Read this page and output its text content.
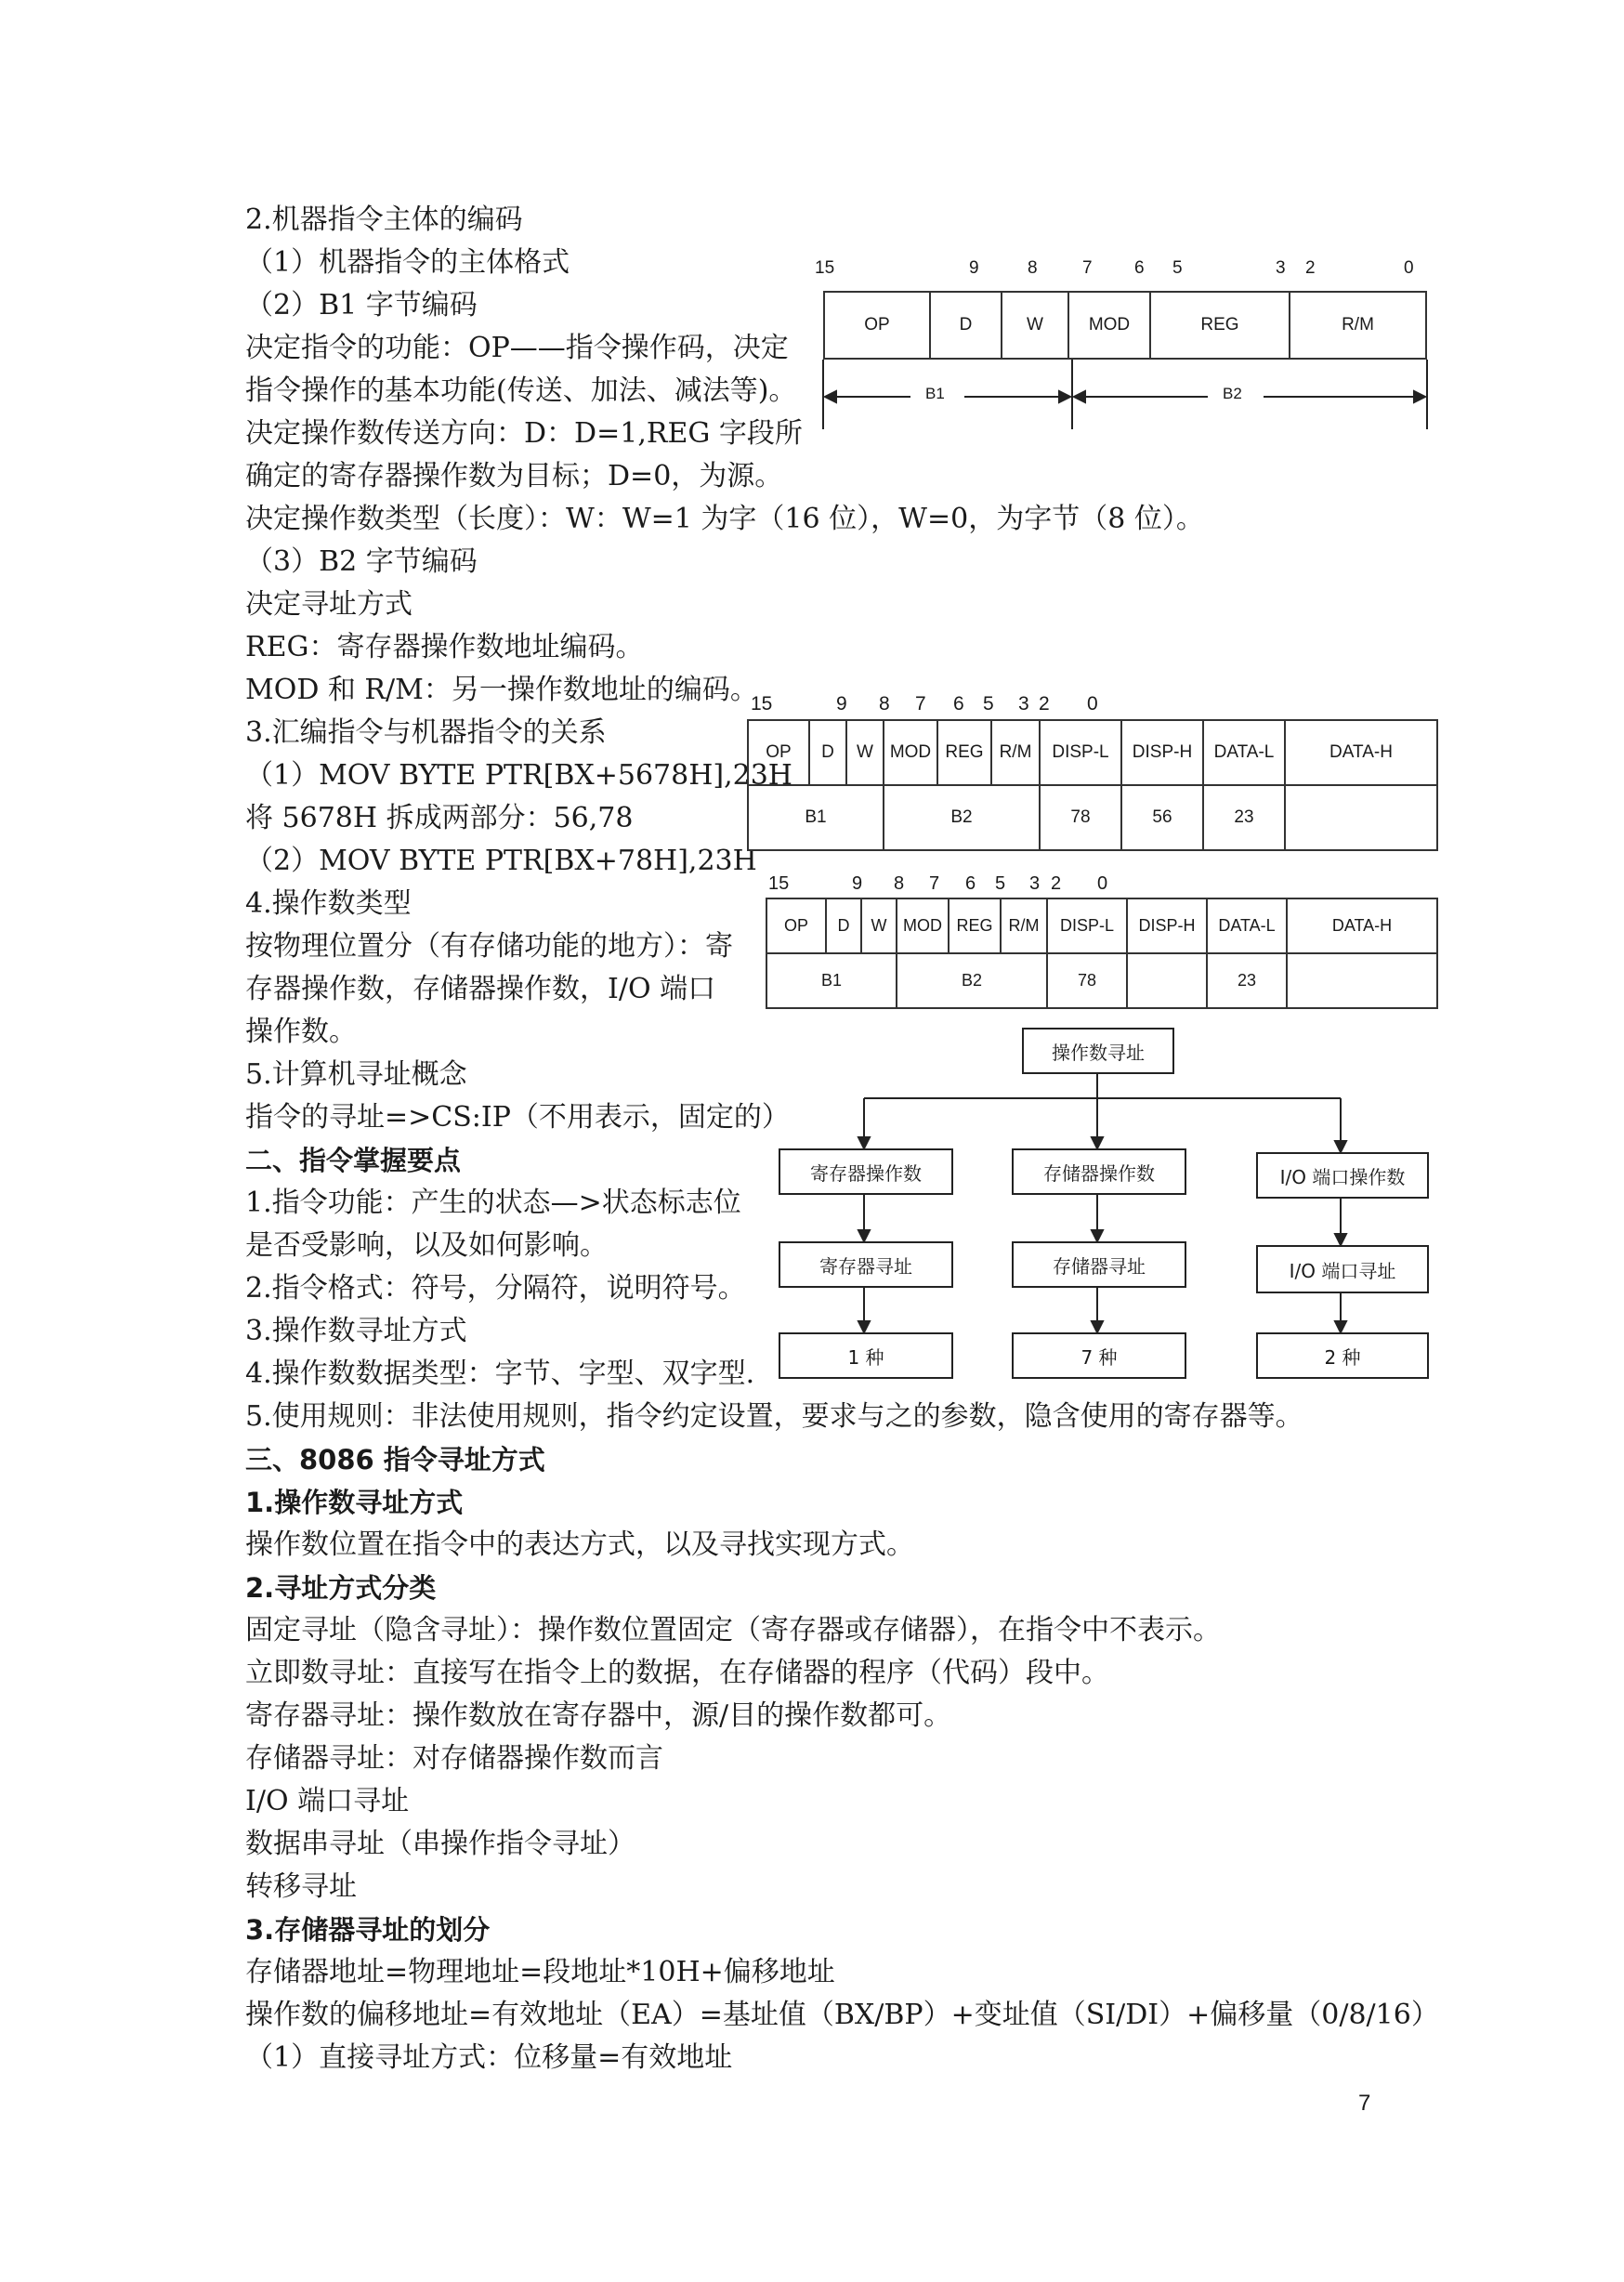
2.机器指令主体的编码
（1）机器指令的主体格式
（2）B1 字节编码
决定指令的功能：OP——指令操作码，决定
指令操作的基本功能(传送、加法、减法等)。
决定操作数传送方向：D：D=1,REG 字段所
确定的寄存器操作数为目标；D=0，为源。
决定操作数类型（长度）：W：W=1 为字（16 位），W=0，为字节（8 位）。
（3）B2 字节编码
决定寻址方式
REG：寄存器操作数地址编码。
MOD 和 R/M：另一操作数地址的编码。
3.汇编指令与机器指令的关系
（1）MOV BYTE PTR[BX+5678H],23H
将 5678H 拆成两部分：56,78
（2）MOV BYTE PTR[BX+78H],23H
4.操作数类型
按物理位置分（有存储功能的地方）：寄
存器操作数，存储器操作数，I/O 端口
操作数。
5.计算机寻址概念
指令的寻址=>CS:IP（不用表示，固定的）
二、指令掌握要点
1.指令功能：产生的状态—>状态标志位
是否受影响，以及如何影响。
2.指令格式：符号，分隔符，说明符号。
3.操作数寻址方式
4.操作数数据类型：字节、字型、双字型.
5.使用规则：非法使用规则，指令约定设置，要求与之的参数，隐含使用的寄存器等。
三、8086 指令寻址方式
1.操作数寻址方式
操作数位置在指令中的表达方式，以及寻找实现方式。
2.寻址方式分类
固定寻址（隐含寻址）：操作数位置固定（寄存器或存储器），在指令中不表示。
立即数寻址：直接写在指令上的数据，在存储器的程序（代码）段中。
寄存器寻址：操作数放在寄存器中，源/目的操作数都可。
存储器寻址：对存储器操作数而言
I/O 端口寻址
数据串寻址（串操作指令寻址）
转移寻址
3.存储器寻址的划分
存储器地址=物理地址=段地址*10H+偏移地址
操作数的偏移地址=有效地址（EA）=基址值（BX/BP）+变址值（SI/DI）+偏移量（0/8/16）
（1）直接寻址方式：位移量=有效地址
15	9	8	7 6 5	3 2	0
OP	D	W	MOD	REG	R/M
B1	B2
15	9 8 7 6 5 3 2 0
OP	D	W	MOD	REG	R/M	DISP-L	DISP-H	DATA-L	DATA-H
B1			B2			78	56	23	
15	9 8 7 6 5 3 2 0
OP	D	W	MOD	REG	R/M	DISP-L	DISP-H	DATA-L	DATA-H
B1			B2			78		23	
操作数寻址
寄存器操作数	存储器操作数	I/O 端口操作数
寄存器寻址	存储器寻址	I/O 端口寻址
1 种	7 种	2 种
7
